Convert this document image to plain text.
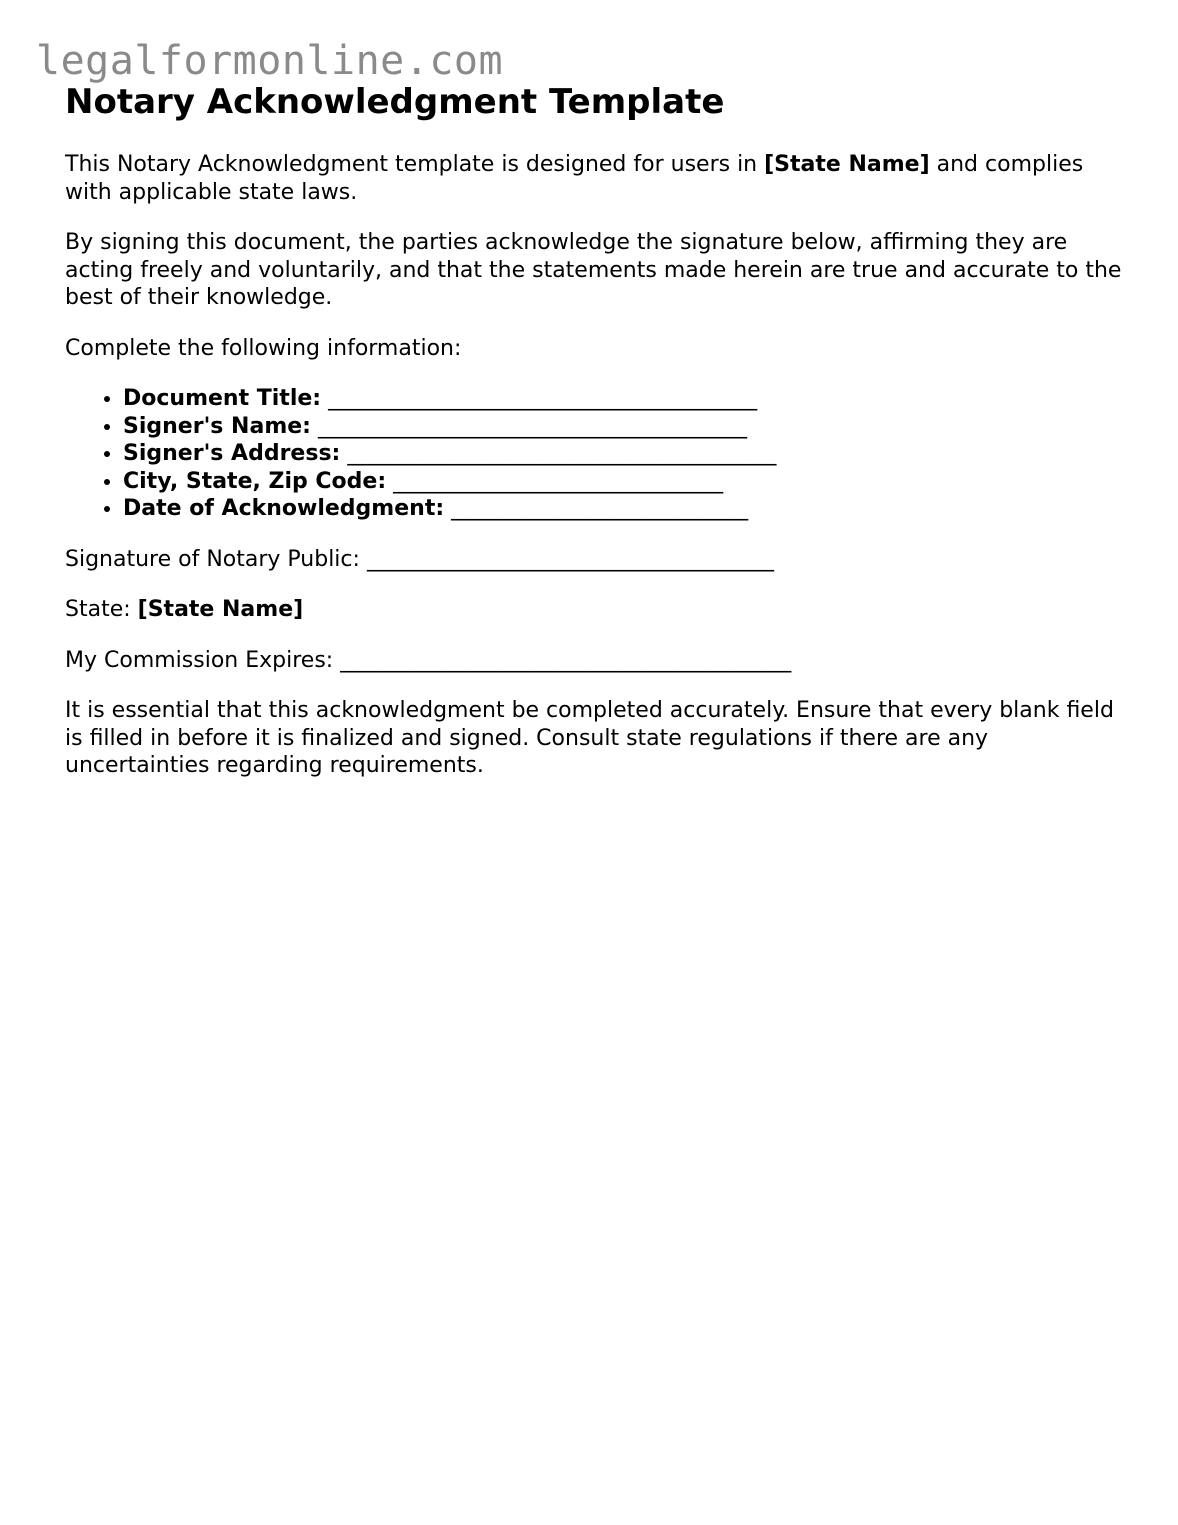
legalformonline.com
Notary Acknowledgment Template

This Notary Acknowledgment template is designed for users in [State Name] and complies with applicable state laws.

By signing this document, the parties acknowledge the signature below, affirming they are acting freely and voluntarily, and that the statements made herein are true and accurate to the best of their knowledge.

Complete the following information:

• Document Title: _______________________________________
• Signer's Name: _______________________________________
• Signer's Address: _______________________________________
• City, State, Zip Code: ______________________________
• Date of Acknowledgment: ___________________________

Signature of Notary Public: _____________________________________

State: [State Name]

My Commission Expires: _________________________________________

It is essential that this acknowledgment be completed accurately. Ensure that every blank field is filled in before it is finalized and signed. Consult state regulations if there are any uncertainties regarding requirements.
